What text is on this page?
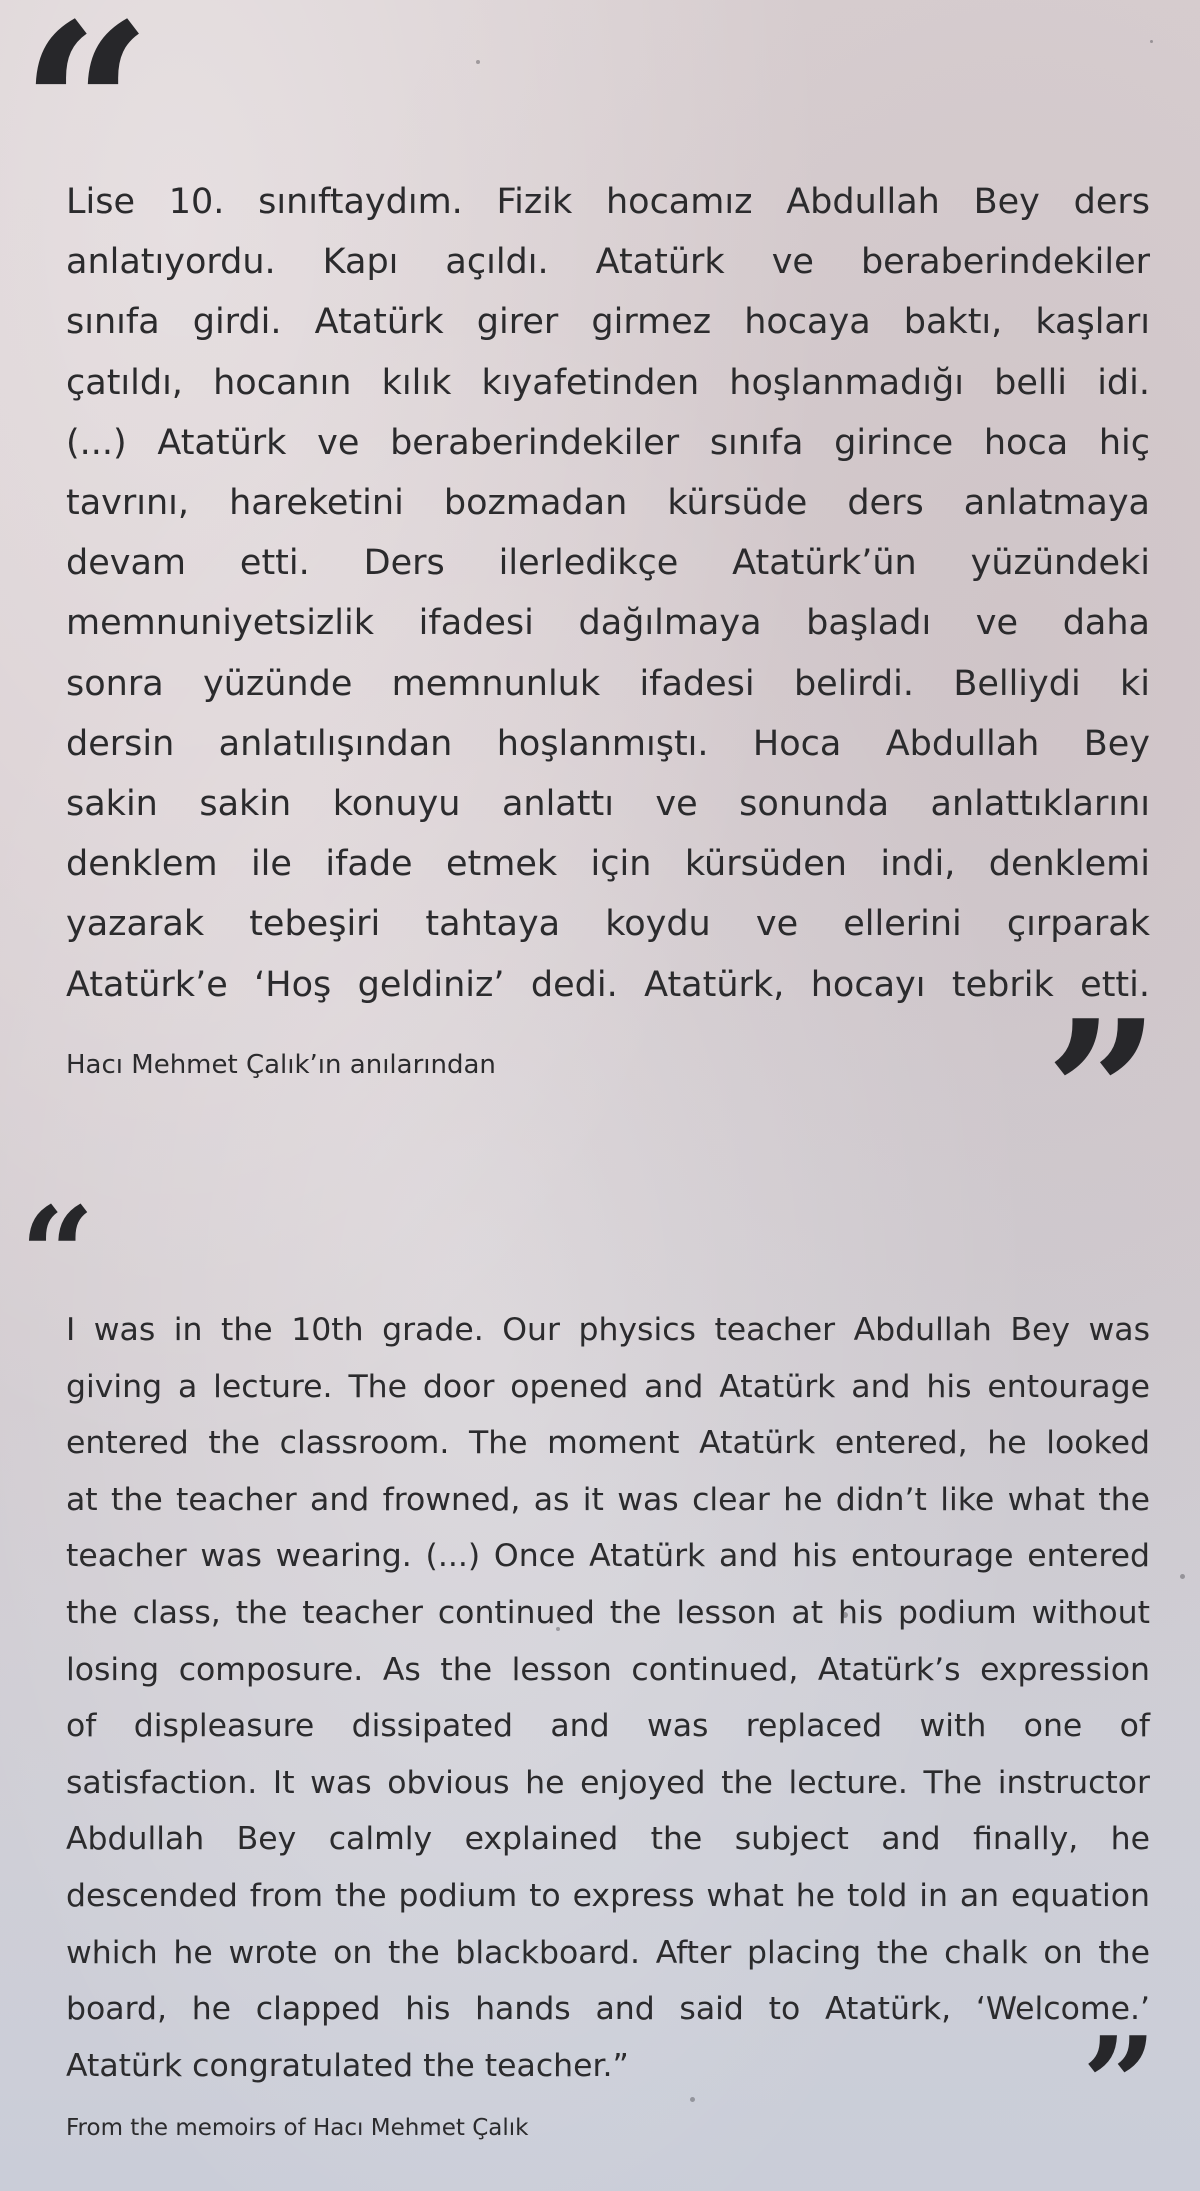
“
Lise 10. sınıftaydım. Fizik hocamız Abdullah Bey ders
anlatıyordu. Kapı açıldı. Atatürk ve beraberindekiler
sınıfa girdi. Atatürk girer girmez hocaya baktı, kaşları
çatıldı, hocanın kılık kıyafetinden hoşlanmadığı belli idi.
(...) Atatürk ve beraberindekiler sınıfa girince hoca hiç
tavrını, hareketini bozmadan kürsüde ders anlatmaya
devam etti. Ders ilerledikçe Atatürk’ün yüzündeki
memnuniyetsizlik ifadesi dağılmaya başladı ve daha
sonra yüzünde memnunluk ifadesi belirdi. Belliydi ki
dersin anlatılışından hoşlanmıştı. Hoca Abdullah Bey
sakin sakin konuyu anlattı ve sonunda anlattıklarını
denklem ile ifade etmek için kürsüden indi, denklemi
yazarak tebeşiri tahtaya koydu ve ellerini çırparak
Atatürk’e ‘Hoş geldiniz’ dedi. Atatürk, hocayı tebrik etti.
Hacı Mehmet Çalık’ın anılarından	”
“
I was in the 10th grade. Our physics teacher Abdullah Bey was
giving a lecture. The door opened and Atatürk and his entourage
entered the classroom. The moment Atatürk entered, he looked
at the teacher and frowned, as it was clear he didn’t like what the
teacher was wearing. (...) Once Atatürk and his entourage entered
the class, the teacher continued the lesson at his podium without
losing composure. As the lesson continued, Atatürk’s expression
of displeasure dissipated and was replaced with one of
satisfaction. It was obvious he enjoyed the lecture. The instructor
Abdullah Bey calmly explained the subject and finally, he
descended from the podium to express what he told in an equation
which he wrote on the blackboard. After placing the chalk on the
board, he clapped his hands and said to Atatürk, ‘Welcome.’
Atatürk congratulated the teacher.”	”
From the memoirs of Hacı Mehmet Çalık
